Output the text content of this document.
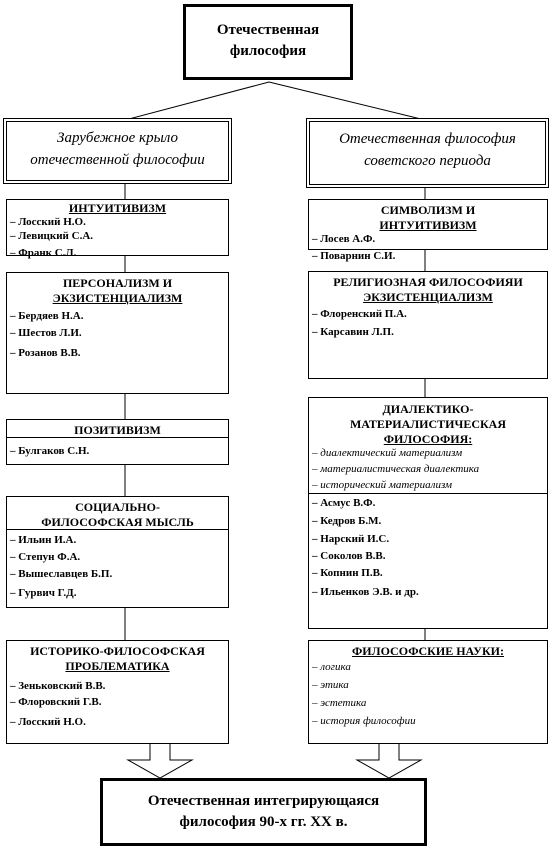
Отечественная
философия
Зарубежное крыло
отечественной философии
Отечественная философия
советского периода
ИНТУИТИВИЗМ
– Лосский Н.О.
– Левицкий С.А.
– Франк С.Л.
ПЕРСОНАЛИЗМ И
ЭКЗИСТЕНЦИАЛИЗМ
– Бердяев Н.А.
– Шестов Л.И.
– Розанов В.В.
ПОЗИТИВИЗМ
– Булгаков С.Н.
СОЦИАЛЬНО-
ФИЛОСОФСКАЯ МЫСЛЬ
– Ильин И.А.
– Степун Ф.А.
– Вышеславцев Б.П.
– Гурвич Г.Д.
ИСТОРИКО-ФИЛОСОФСКАЯ
ПРОБЛЕМАТИКА
– Зеньковский В.В.
– Флоровский Г.В.
– Лосский Н.О.
СИМВОЛИЗМ И
ИНТУИТИВИЗМ
– Лосев А.Ф.
– Поварнин С.И.
РЕЛИГИОЗНАЯ ФИЛОСОФИЯИ
ЭКЗИСТЕНЦИАЛИЗМ
– Флоренский П.А.
– Карсавин Л.П.
ДИАЛЕКТИКО-
МАТЕРИАЛИСТИЧЕСКАЯ
ФИЛОСОФИЯ:
– диалектический материализм
– материалистическая диалектика
– исторический материализм
– Асмус В.Ф.
– Кедров Б.М.
– Нарский И.С.
– Соколов В.В.
– Копнин П.В.
– Ильенков Э.В. и др.
ФИЛОСОФСКИЕ НАУКИ:
– логика
– этика
– эстетика
– история философии
Отечественная интегрирующаяся
философия 90-х гг. ХХ в.
